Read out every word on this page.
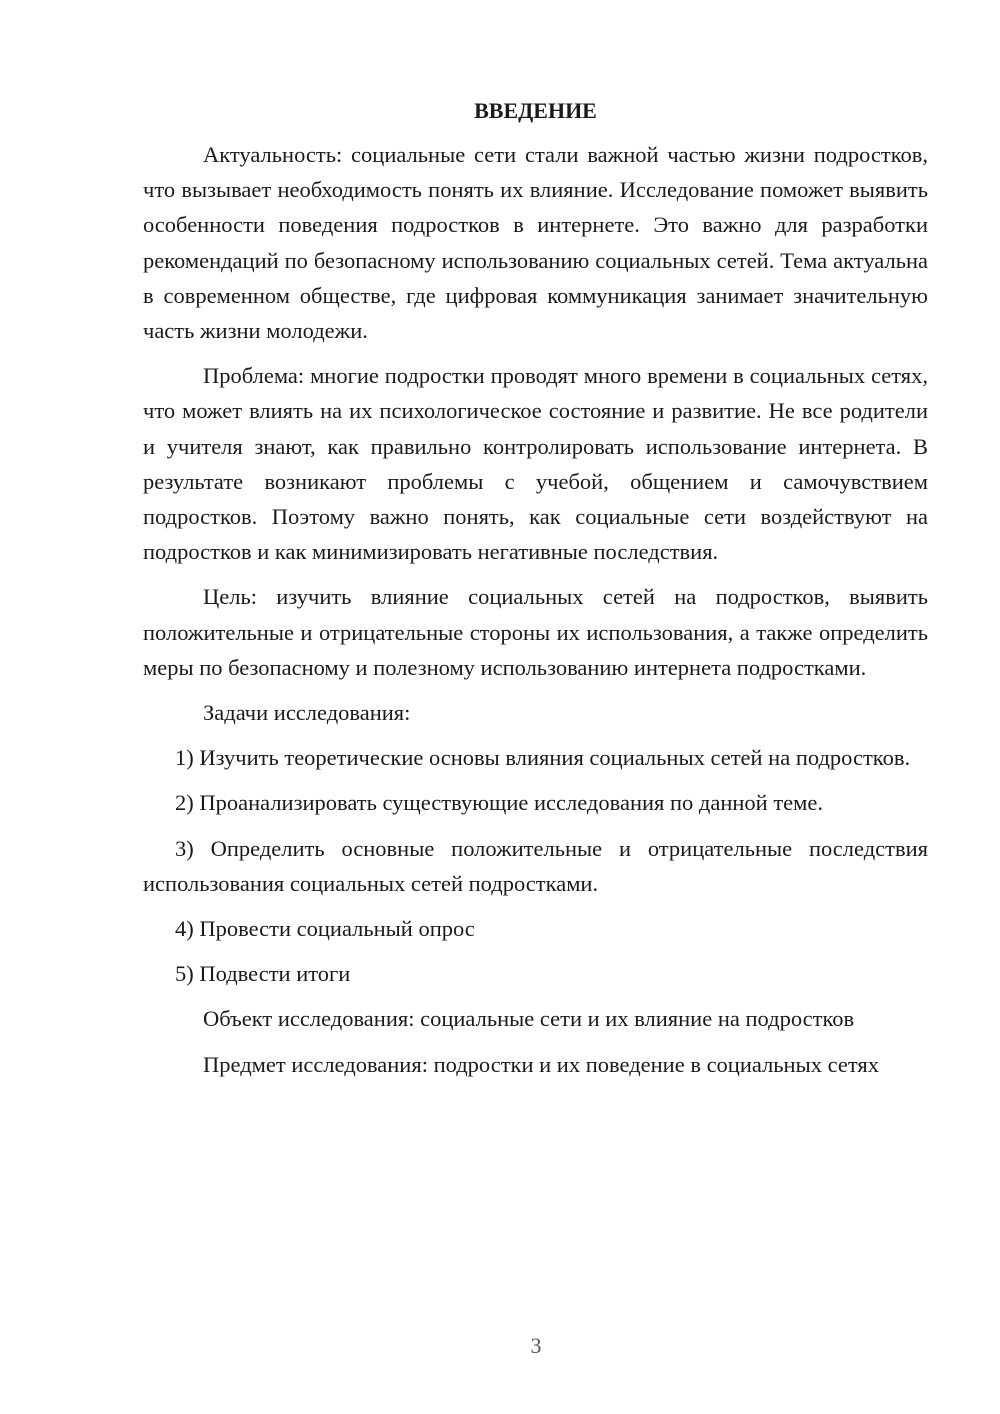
ВВЕДЕНИЕ

Актуальность: социальные сети стали важной частью жизни подростков, что вызывает необходимость понять их влияние. Исследование поможет выявить особенности поведения подростков в интернете. Это важно для разработки рекомендаций по безопасному использованию социальных сетей. Тема актуальна в современном обществе, где цифровая коммуникация занимает значительную часть жизни молодежи.

Проблема: многие подростки проводят много времени в социальных сетях, что может влиять на их психологическое состояние и развитие. Не все родители и учителя знают, как правильно контролировать использование интернета. В результате возникают проблемы с учебой, общением и самочувствием подростков. Поэтому важно понять, как социальные сети воздействуют на подростков и как минимизировать негативные последствия.

Цель: изучить влияние социальных сетей на подростков, выявить положительные и отрицательные стороны их использования, а также определить меры по безопасному и полезному использованию интернета подростками.

Задачи исследования:

1) Изучить теоретические основы влияния социальных сетей на подростков.

2) Проанализировать существующие исследования по данной теме.

3) Определить основные положительные и отрицательные последствия использования социальных сетей подростками.

4) Провести социальный опрос

5) Подвести итоги

Объект исследования: социальные сети и их влияние на подростков

Предмет исследования: подростки и их поведение в социальных сетях

3
